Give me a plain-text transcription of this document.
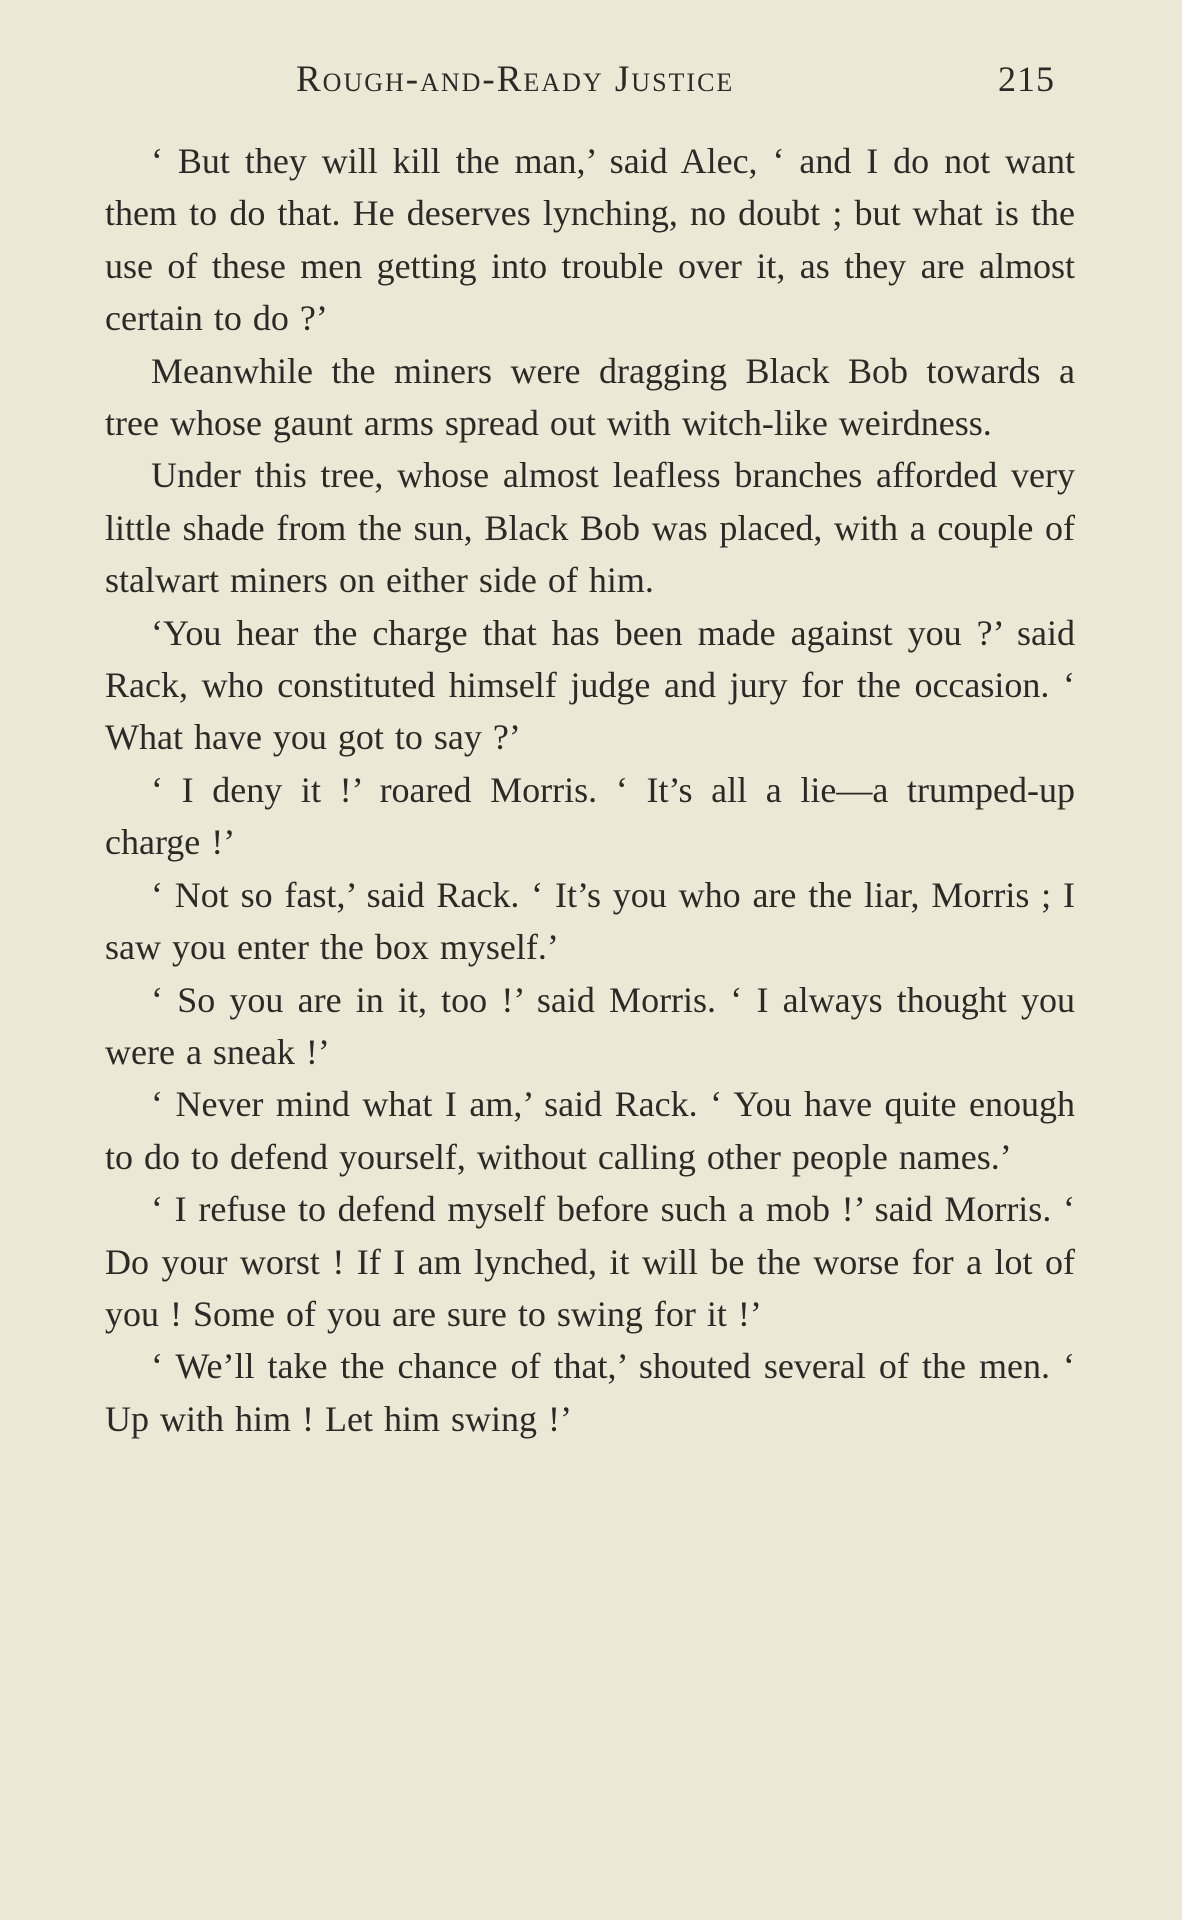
Rough-and-Ready Justice	215

‘ But they will kill the man,’ said Alec, ‘ and I do not want them to do that. He deserves lynching, no doubt ; but what is the use of these men getting into trouble over it, as they are almost certain to do ?’

Meanwhile the miners were dragging Black Bob towards a tree whose gaunt arms spread out with witch-like weirdness.

Under this tree, whose almost leafless branches afforded very little shade from the sun, Black Bob was placed, with a couple of stalwart miners on either side of him.

‘You hear the charge that has been made against you ?’ said Rack, who constituted himself judge and jury for the occasion. ‘ What have you got to say ?’

‘ I deny it !’ roared Morris. ‘ It’s all a lie—a trumped-up charge !’

‘ Not so fast,’ said Rack. ‘ It’s you who are the liar, Morris ; I saw you enter the box myself.’

‘ So you are in it, too !’ said Morris. ‘ I always thought you were a sneak !’

‘ Never mind what I am,’ said Rack. ‘ You have quite enough to do to defend yourself, without calling other people names.’

‘ I refuse to defend myself before such a mob !’ said Morris. ‘ Do your worst ! If I am lynched, it will be the worse for a lot of you ! Some of you are sure to swing for it !’

‘ We’ll take the chance of that,’ shouted several of the men. ‘ Up with him ! Let him swing !’
